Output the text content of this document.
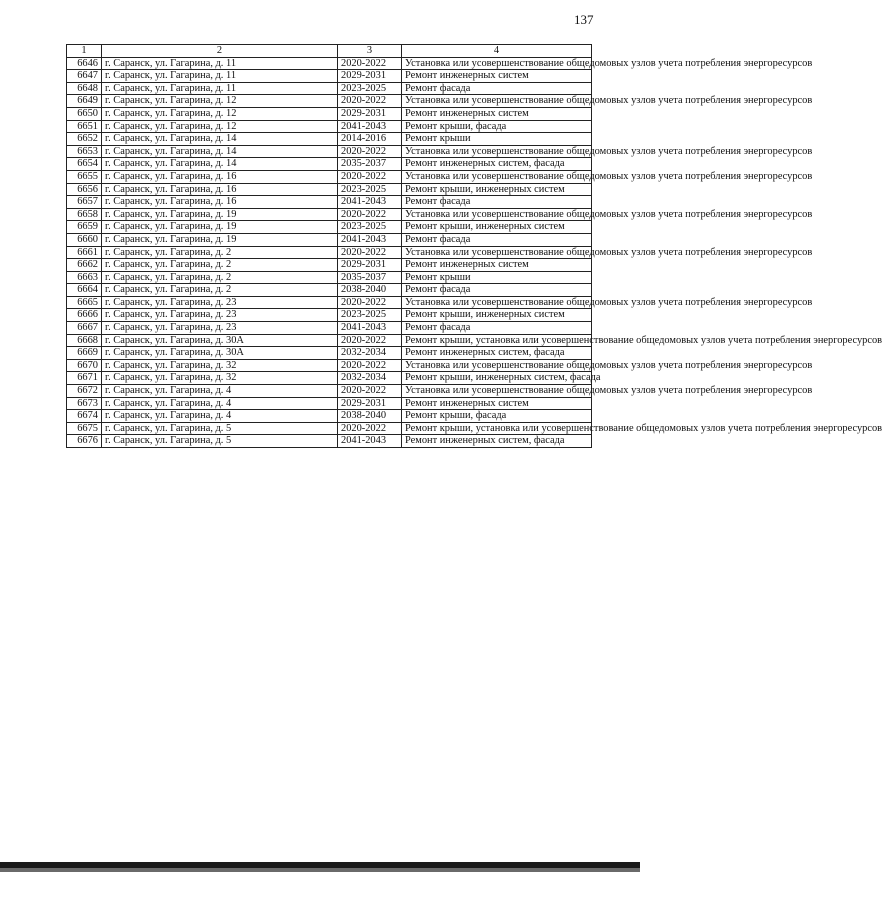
137
1	2	3	4
6646	г. Саранск, ул. Гагарина, д. 11	2020-2022	Установка или усовершенствование общедомовых узлов учета потребления энергоресурсов
6647	г. Саранск, ул. Гагарина, д. 11	2029-2031	Ремонт инженерных систем
6648	г. Саранск, ул. Гагарина, д. 11	2023-2025	Ремонт фасада
6649	г. Саранск, ул. Гагарина, д. 12	2020-2022	Установка или усовершенствование общедомовых узлов учета потребления энергоресурсов
6650	г. Саранск, ул. Гагарина, д. 12	2029-2031	Ремонт инженерных систем
6651	г. Саранск, ул. Гагарина, д. 12	2041-2043	Ремонт крыши, фасада
6652	г. Саранск, ул. Гагарина, д. 14	2014-2016	Ремонт крыши
6653	г. Саранск, ул. Гагарина, д. 14	2020-2022	Установка или усовершенствование общедомовых узлов учета потребления энергоресурсов
6654	г. Саранск, ул. Гагарина, д. 14	2035-2037	Ремонт инженерных систем, фасада
6655	г. Саранск, ул. Гагарина, д. 16	2020-2022	Установка или усовершенствование общедомовых узлов учета потребления энергоресурсов
6656	г. Саранск, ул. Гагарина, д. 16	2023-2025	Ремонт крыши, инженерных систем
6657	г. Саранск, ул. Гагарина, д. 16	2041-2043	Ремонт фасада
6658	г. Саранск, ул. Гагарина, д. 19	2020-2022	Установка или усовершенствование общедомовых узлов учета потребления энергоресурсов
6659	г. Саранск, ул. Гагарина, д. 19	2023-2025	Ремонт крыши, инженерных систем
6660	г. Саранск, ул. Гагарина, д. 19	2041-2043	Ремонт фасада
6661	г. Саранск, ул. Гагарина, д. 2	2020-2022	Установка или усовершенствование общедомовых узлов учета потребления энергоресурсов
6662	г. Саранск, ул. Гагарина, д. 2	2029-2031	Ремонт инженерных систем
6663	г. Саранск, ул. Гагарина, д. 2	2035-2037	Ремонт крыши
6664	г. Саранск, ул. Гагарина, д. 2	2038-2040	Ремонт фасада
6665	г. Саранск, ул. Гагарина, д. 23	2020-2022	Установка или усовершенствование общедомовых узлов учета потребления энергоресурсов
6666	г. Саранск, ул. Гагарина, д. 23	2023-2025	Ремонт крыши, инженерных систем
6667	г. Саранск, ул. Гагарина, д. 23	2041-2043	Ремонт фасада
6668	г. Саранск, ул. Гагарина, д. 30А	2020-2022	Ремонт крыши, установка или усовершенствование общедомовых узлов учета потребления энергоресурсов
6669	г. Саранск, ул. Гагарина, д. 30А	2032-2034	Ремонт инженерных систем, фасада
6670	г. Саранск, ул. Гагарина, д. 32	2020-2022	Установка или усовершенствование общедомовых узлов учета потребления энергоресурсов
6671	г. Саранск, ул. Гагарина, д. 32	2032-2034	Ремонт крыши, инженерных систем, фасада
6672	г. Саранск, ул. Гагарина, д. 4	2020-2022	Установка или усовершенствование общедомовых узлов учета потребления энергоресурсов
6673	г. Саранск, ул. Гагарина, д. 4	2029-2031	Ремонт инженерных систем
6674	г. Саранск, ул. Гагарина, д. 4	2038-2040	Ремонт крыши, фасада
6675	г. Саранск, ул. Гагарина, д. 5	2020-2022	Ремонт крыши, установка или усовершенствование общедомовых узлов учета потребления энергоресурсов
6676	г. Саранск, ул. Гагарина, д. 5	2041-2043	Ремонт инженерных систем, фасада
